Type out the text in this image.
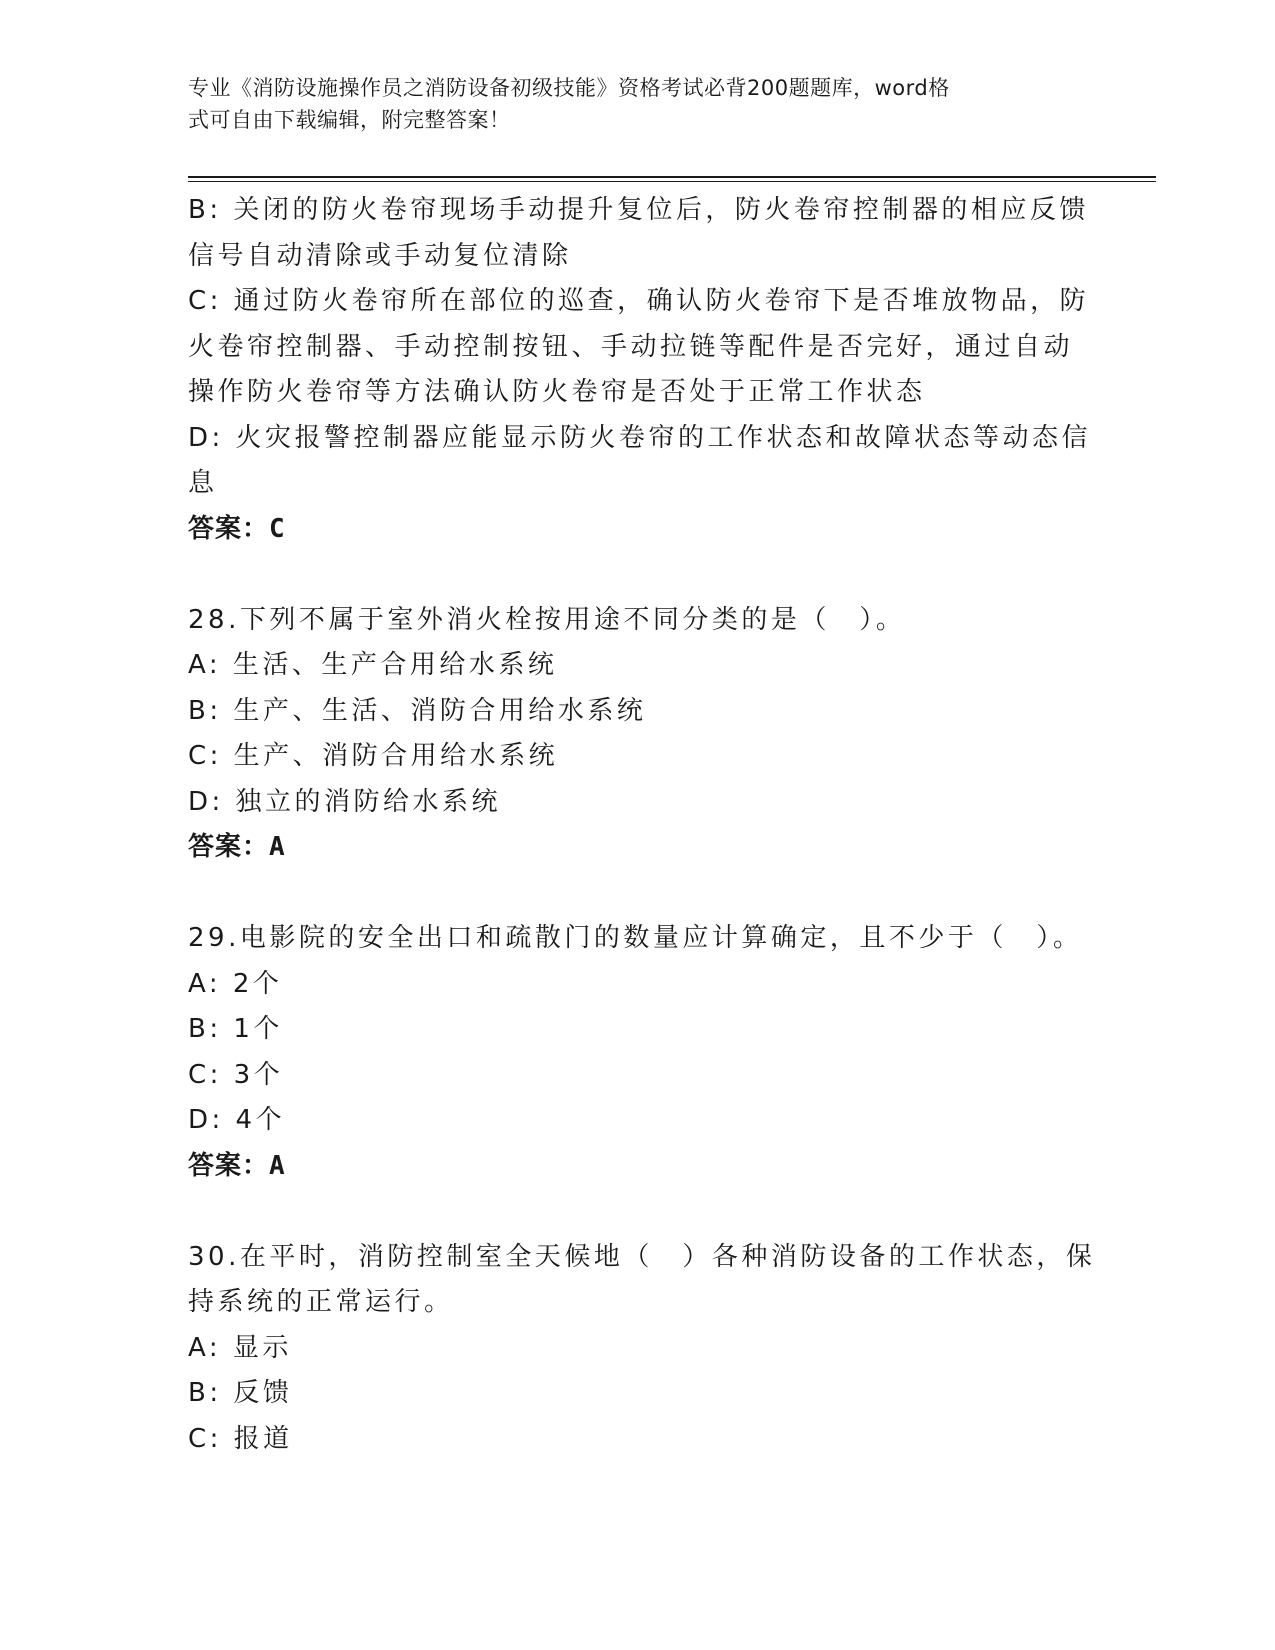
专业《消防设施操作员之消防设备初级技能》资格考试必背200题题库，word格
式可自由下载编辑，附完整答案！
B: 关闭的防火卷帘现场手动提升复位后，防火卷帘控制器的相应反馈
信号自动清除或手动复位清除
C: 通过防火卷帘所在部位的巡查，确认防火卷帘下是否堆放物品，防
火卷帘控制器、手动控制按钮、手动拉链等配件是否完好，通过自动
操作防火卷帘等方法确认防火卷帘是否处于正常工作状态
D: 火灾报警控制器应能显示防火卷帘的工作状态和故障状态等动态信
息
答案：C
28.下列不属于室外消火栓按用途不同分类的是（　）。
A: 生活、生产合用给水系统
B: 生产、生活、消防合用给水系统
C: 生产、消防合用给水系统
D: 独立的消防给水系统
答案：A
29.电影院的安全出口和疏散门的数量应计算确定，且不少于（　）。
A: 2个
B: 1个
C: 3个
D: 4个
答案：A
30.在平时，消防控制室全天候地（　）各种消防设备的工作状态，保
持系统的正常运行。
A: 显示
B: 反馈
C: 报道
